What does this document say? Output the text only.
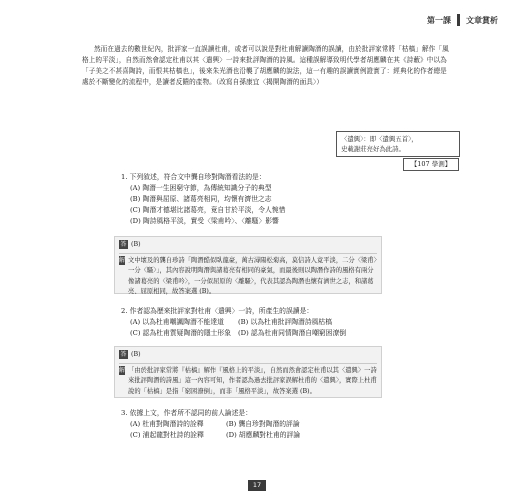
第一課 文章賞析

然而在過去的數世紀內，批評家一直誤讀杜甫，或者可以說是對杜甫解讀陶潛的誤讀，由於批評家常將「枯槁」解作「風格上的平淡」，自然而然會認定杜甫以其〈遣興〉一詩來批評陶潛的詩風。這種誤解導致明代學者胡應麟在其《詩藪》中以為「子美之不甚喜陶詩，而恨其枯槁也」，後來朱光潛也沿襲了胡應麟的說法，這一有趣的誤讀實例證實了：經典化的作者總是處於不斷變化的流程中，是讀者反饋的產物。（改寫自孫康宜〈揭開陶潛的面具〉）

〈遣興〉：即〈遣興五首〉，
史載謝莊亮好為此詩。
【107 學測】

1. 下列敘述，符合文中龔自珍對陶潛看法的是：

(A) 陶潛一生困窮守節，為傳統知識分子的典型

(B) 陶潛與屈原、諸葛亮相同，均懷有濟世之志

(C) 陶潛才德堪比諸葛亮，竟自甘於平淡，令人惋惜

(D) 陶詩風格平淡，實受〈梁甫吟〉、〈離騷〉影響

答 (B)
解 文中壞及的龔自珍詩「陶潛酷似臥龍豪，萬古潯陽松菊高，莫信詩人竟平淡，二分〈梁甫〉一分〈騷〉」，其內容說明陶潛與諸葛亮有相同的豪氣，而最後則以陶潛作詩的風格有兩分像諸葛亮的〈梁甫吟〉，一分似屈原的〈離騷〉，代表其認為陶潛也懷有濟世之志，和諸葛亮、屈原相同，故答案選 (B)。

2. 作者認為歷來批評家對杜甫〈遣興〉一詩，所產生的誤讀是：

(A) 以為杜甫嘲諷陶潛不能達道	(B) 以為杜甫批評陶潛詩風枯槁
(C) 認為杜甫質疑陶潛的隱士形象	(D) 認為杜甫同情陶潛自嘲窮困潦倒
答 (B)
解 「由於批評家常將『枯槁』解作『風格上的平淡』，自然而然會認定杜甫以其〈遣興〉一詩來批評陶潛的詩風」這一內容可知，作者認為過去批評家誤解杜甫的〈遣興〉，實際上杜甫說的「枯槁」是指「窮困潦倒」，而非「風格平淡」，故答案選 (B)。

3. 依據上文，作者所不認同的前人論述是：

(A) 杜甫對陶潛詩的詮釋	(B) 龔自珍對陶潛的評論
(C) 浦起龍對杜詩的詮釋	(D) 胡應麟對杜甫的評論
17
